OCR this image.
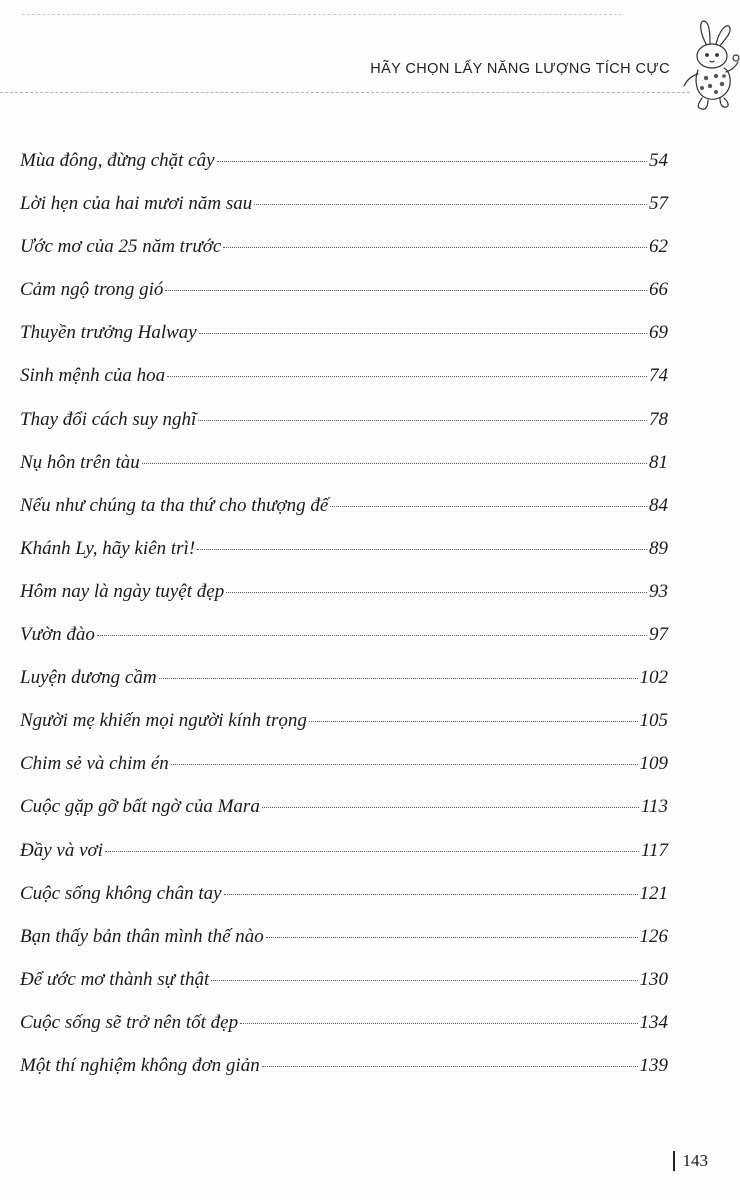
HÃY CHỌN LẤY NĂNG LƯỢNG TÍCH CỰC
Mùa đông, đừng chặt cây	54
Lời hẹn của hai mươi năm sau	57
Ước mơ của 25 năm trước	62
Cảm ngộ trong gió	66
Thuyền trưởng Halway	69
Sinh mệnh của hoa	74
Thay đổi cách suy nghĩ	78
Nụ hôn trên tàu	81
Nếu như chúng ta tha thứ cho thượng đế	84
Khánh Ly, hãy kiên trì!	89
Hôm nay là ngày tuyệt đẹp	93
Vườn đào	97
Luyện dương cầm	102
Người mẹ khiến mọi người kính trọng	105
Chim sẻ và chim én	109
Cuộc gặp gỡ bất ngờ của Mara	113
Đầy và vơi	117
Cuộc sống không chân tay	121
Bạn thấy bản thân mình thế nào	126
Để ước mơ thành sự thật	130
Cuộc sống sẽ trở nên tốt đẹp	134
Một thí nghiệm không đơn giản	139
143
